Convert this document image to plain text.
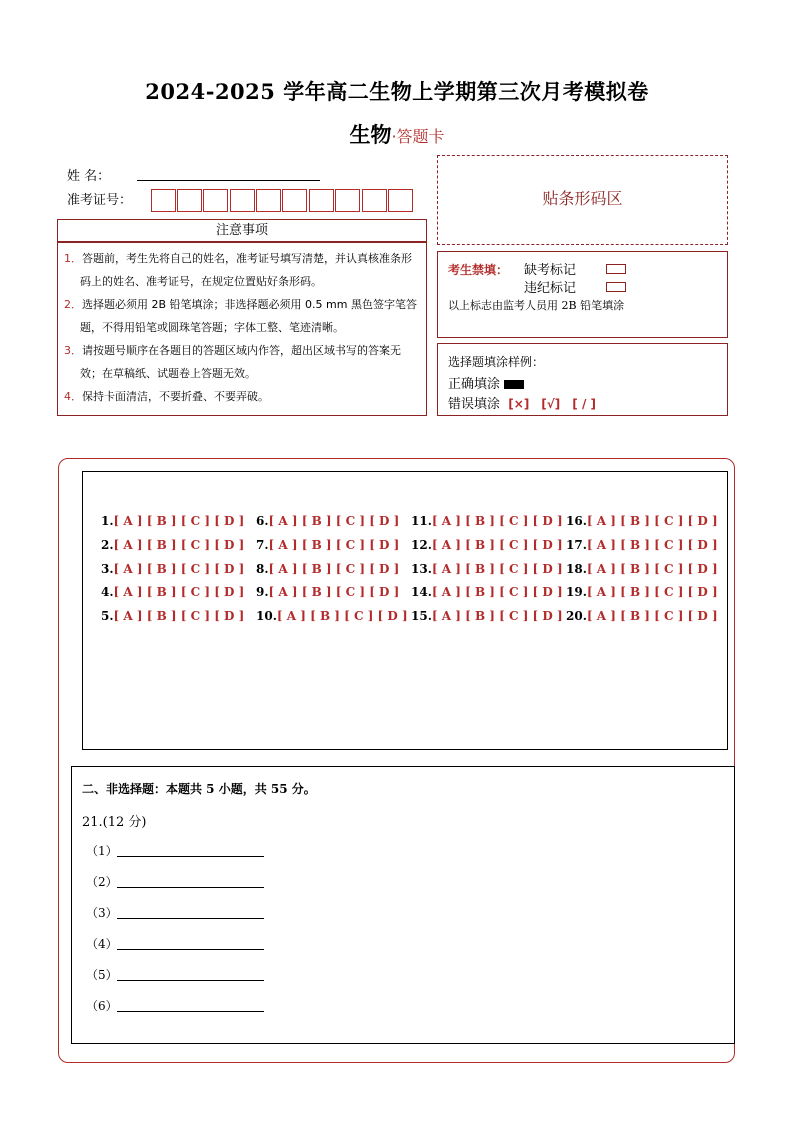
2024-2025 学年高二生物上学期第三次月考模拟卷
生物·答题卡
姓 名：
准考证号：
注意事项
1．答题前，考生先将自己的姓名，准考证号填写清楚，并认真核准条形码上的姓名、准考证号，在规定位置贴好条形码。
2．选择题必须用 2B 铅笔填涂；非选择题必须用 0.5 mm 黑色签字笔答题，不得用铅笔或圆珠笔答题；字体工整、笔迹清晰。
3．请按题号顺序在各题目的答题区域内作答，超出区域书写的答案无效；在草稿纸、试题卷上答题无效。
4．保持卡面清洁，不要折叠、不要弄破。
贴条形码区
考生禁填： 缺考标记
违纪标记
以上标志由监考人员用 2B 铅笔填涂
选择题填涂样例：
正确填涂
错误填涂 [×]　[√]　[ / ]
1.[ A ] [ B ] [ C ] [ D ]
2.[ A ] [ B ] [ C ] [ D ]
3.[ A ] [ B ] [ C ] [ D ]
4.[ A ] [ B ] [ C ] [ D ]
5.[ A ] [ B ] [ C ] [ D ]
6.[ A ] [ B ] [ C ] [ D ]
7.[ A ] [ B ] [ C ] [ D ]
8.[ A ] [ B ] [ C ] [ D ]
9.[ A ] [ B ] [ C ] [ D ]
10.[ A ] [ B ] [ C ] [ D ]
11.[ A ] [ B ] [ C ] [ D ]
12.[ A ] [ B ] [ C ] [ D ]
13.[ A ] [ B ] [ C ] [ D ]
14.[ A ] [ B ] [ C ] [ D ]
15.[ A ] [ B ] [ C ] [ D ]
16.[ A ] [ B ] [ C ] [ D ]
17.[ A ] [ B ] [ C ] [ D ]
18.[ A ] [ B ] [ C ] [ D ]
19.[ A ] [ B ] [ C ] [ D ]
20.[ A ] [ B ] [ C ] [ D ]
二、非选择题：本题共 5 小题，共 55 分。
21.(12 分)
（1）
（2）
（3）
（4）
（5）
（6）
